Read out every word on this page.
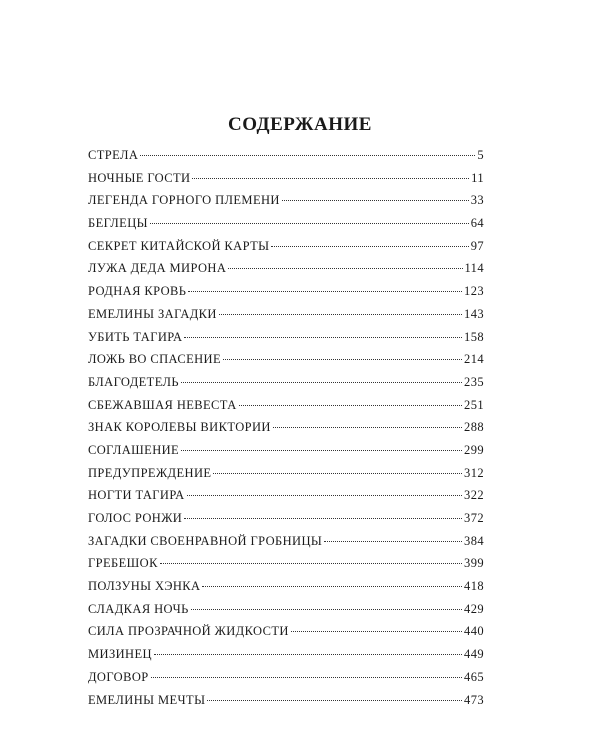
СОДЕРЖАНИЕ
СТРЕЛА	5
НОЧНЫЕ ГОСТИ	11
ЛЕГЕНДА ГОРНОГО ПЛЕМЕНИ	33
БЕГЛЕЦЫ	64
СЕКРЕТ КИТАЙСКОЙ КАРТЫ	97
ЛУЖА ДЕДА МИРОНА	114
РОДНАЯ КРОВЬ	123
ЕМЕЛИНЫ ЗАГАДКИ	143
УБИТЬ ТАГИРА	158
ЛОЖЬ ВО СПАСЕНИЕ	214
БЛАГОДЕТЕЛЬ	235
СБЕЖАВШАЯ НЕВЕСТА	251
ЗНАК КОРОЛЕВЫ ВИКТОРИИ	288
СОГЛАШЕНИЕ	299
ПРЕДУПРЕЖДЕНИЕ	312
НОГТИ ТАГИРА	322
ГОЛОС РОНЖИ	372
ЗАГАДКИ СВОЕНРАВНОЙ ГРОБНИЦЫ	384
ГРЕБЕШОК	399
ПОЛЗУНЫ ХЭНКА	418
СЛАДКАЯ НОЧЬ	429
СИЛА ПРОЗРАЧНОЙ ЖИДКОСТИ	440
МИЗИНЕЦ	449
ДОГОВОР	465
ЕМЕЛИНЫ МЕЧТЫ	473
